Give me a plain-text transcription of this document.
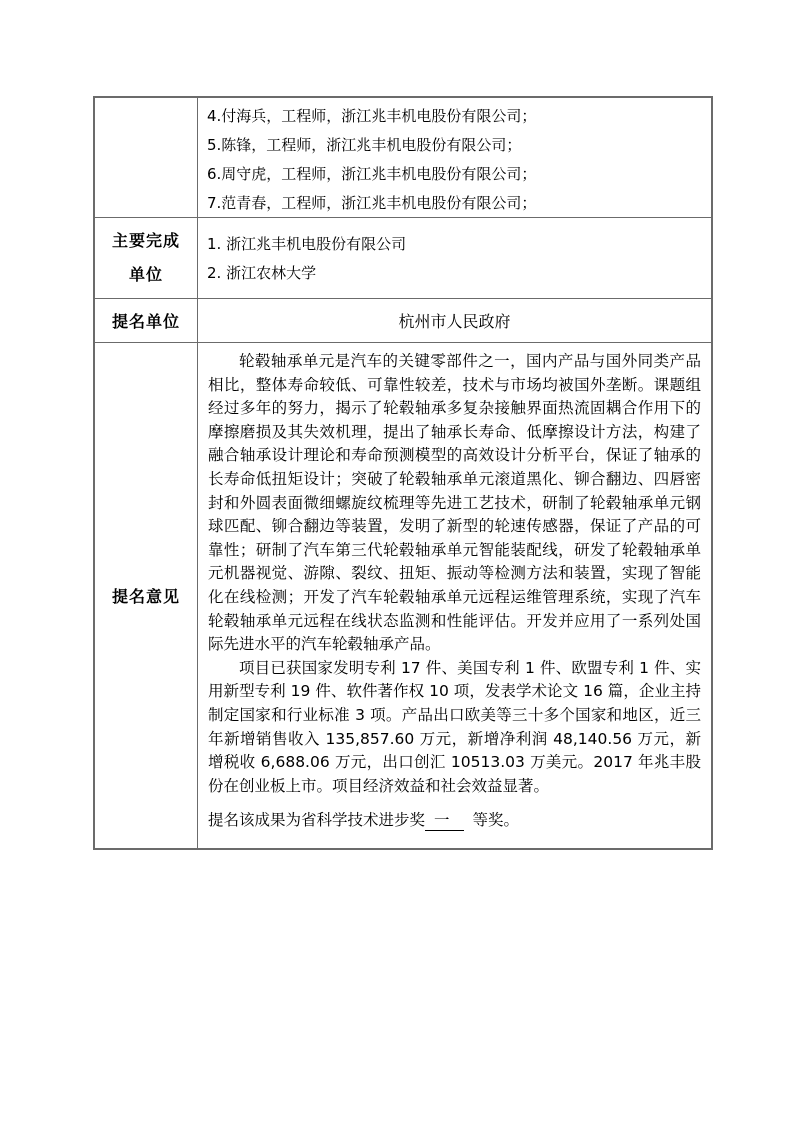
4.付海兵，工程师，浙江兆丰机电股份有限公司；

5.陈锋，工程师，浙江兆丰机电股份有限公司；

6.周守虎，工程师，浙江兆丰机电股份有限公司；

7.范青春，工程师，浙江兆丰机电股份有限公司；

主要完成
单位

1. 浙江兆丰机电股份有限公司

2. 浙江农林大学

提名单位	杭州市人民政府
提名意见

轮毂轴承单元是汽车的关键零部件之一，国内产品与国外同类产品相比，整体寿命较低、可靠性较差，技术与市场均被国外垄断。课题组经过多年的努力，揭示了轮毂轴承多复杂接触界面热流固耦合作用下的摩擦磨损及其失效机理，提出了轴承长寿命、低摩擦设计方法，构建了融合轴承设计理论和寿命预测模型的高效设计分析平台，保证了轴承的长寿命低扭矩设计；突破了轮毂轴承单元滚道黑化、铆合翻边、四唇密封和外圆表面微细螺旋纹梳理等先进工艺技术，研制了轮毂轴承单元钢球匹配、铆合翻边等装置，发明了新型的轮速传感器，保证了产品的可靠性；研制了汽车第三代轮毂轴承单元智能装配线，研发了轮毂轴承单元机器视觉、游隙、裂纹、扭矩、振动等检测方法和装置，实现了智能化在线检测；开发了汽车轮毂轴承单元远程运维管理系统，实现了汽车轮毂轴承单元远程在线状态监测和性能评估。开发并应用了一系列处国际先进水平的汽车轮毂轴承产品。

项目已获国家发明专利 17 件、美国专利 1 件、欧盟专利 1 件、实用新型专利 19 件、软件著作权 10 项，发表学术论文 16 篇，企业主持制定国家和行业标准 3 项。产品出口欧美等三十多个国家和地区，近三年新增销售收入 135,857.60 万元，新增净利润 48,140.56 万元，新增税收 6,688.06 万元，出口创汇 10513.03 万美元。2017 年兆丰股份在创业板上市。项目经济效益和社会效益显著。

提名该成果为省科学技术进步奖 一 等奖。
